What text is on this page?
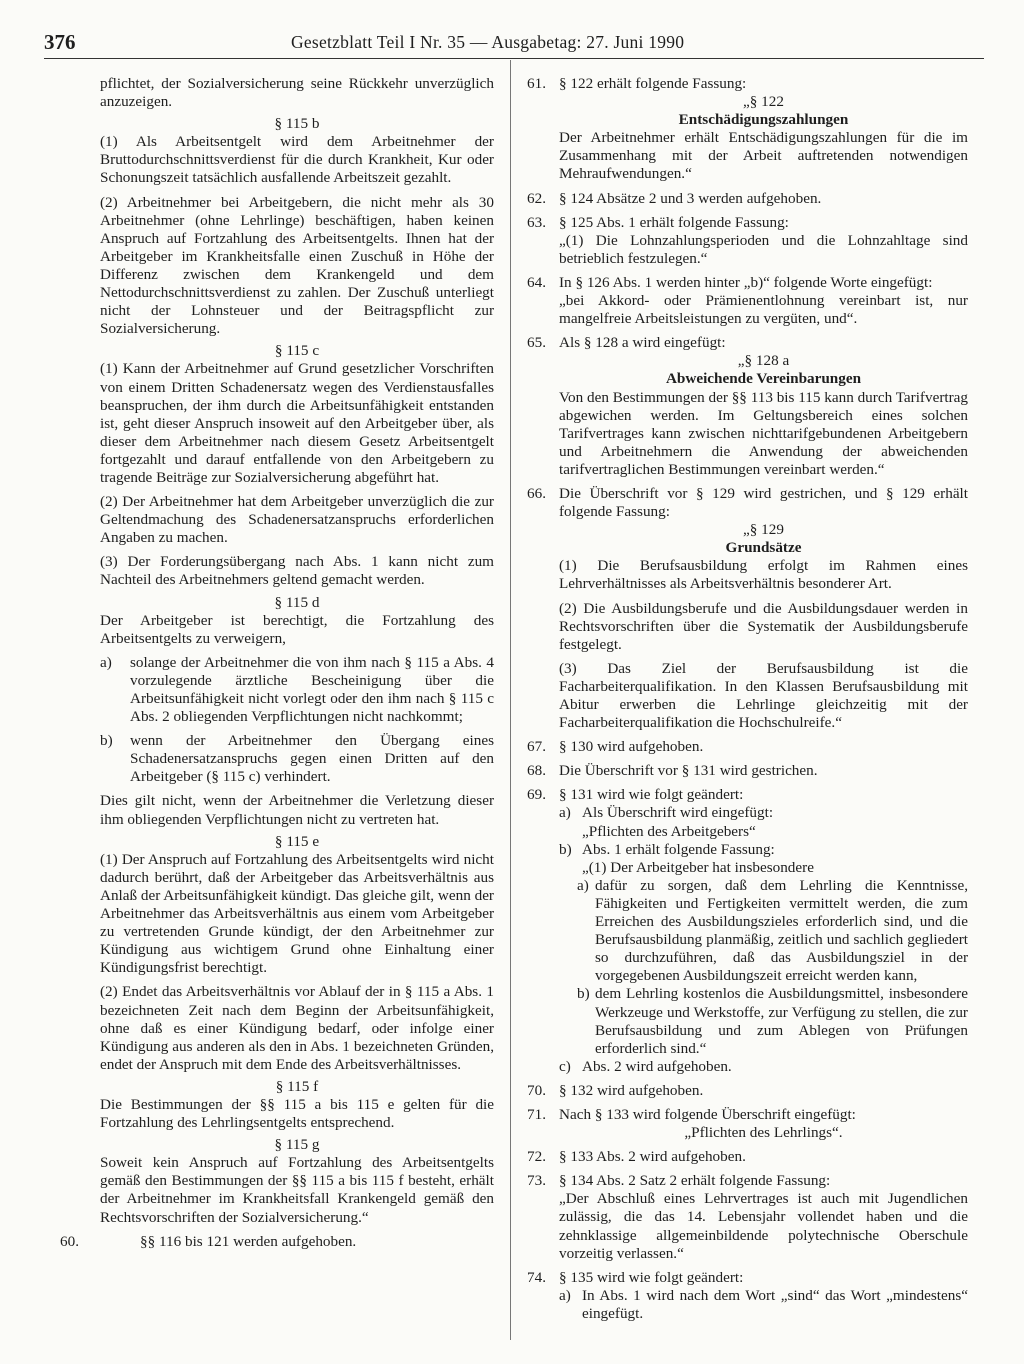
376	Gesetzblatt Teil I Nr. 35 — Ausgabetag: 27. Juni 1990

pflichtet, der Sozialversicherung seine Rückkehr unverzüglich anzuzeigen.

§ 115 b

(1) Als Arbeitsentgelt wird dem Arbeitnehmer der Bruttodurchschnittsverdienst für die durch Krankheit, Kur oder Schonungszeit tatsächlich ausfallende Arbeitszeit gezahlt.

(2) Arbeitnehmer bei Arbeitgebern, die nicht mehr als 30 Arbeitnehmer (ohne Lehrlinge) beschäftigen, haben keinen Anspruch auf Fortzahlung des Arbeitsentgelts. Ihnen hat der Arbeitgeber im Krankheitsfalle einen Zuschuß in Höhe der Differenz zwischen dem Krankengeld und dem Nettodurchschnittsverdienst zu zahlen. Der Zuschuß unterliegt nicht der Lohnsteuer und der Beitragspflicht zur Sozialversicherung.

§ 115 c

(1) Kann der Arbeitnehmer auf Grund gesetzlicher Vorschriften von einem Dritten Schadenersatz wegen des Verdienstausfalles beanspruchen, der ihm durch die Arbeitsunfähigkeit entstanden ist, geht dieser Anspruch insoweit auf den Arbeitgeber über, als dieser dem Arbeitnehmer nach diesem Gesetz Arbeitsentgelt fortgezahlt und darauf entfallende von den Arbeitgebern zu tragende Beiträge zur Sozialversicherung abgeführt hat.

(2) Der Arbeitnehmer hat dem Arbeitgeber unverzüglich die zur Geltendmachung des Schadenersatzanspruchs erforderlichen Angaben zu machen.

(3) Der Forderungsübergang nach Abs. 1 kann nicht zum Nachteil des Arbeitnehmers geltend gemacht werden.

§ 115 d

Der Arbeitgeber ist berechtigt, die Fortzahlung des Arbeitsentgelts zu verweigern,

a) solange der Arbeitnehmer die von ihm nach § 115 a Abs. 4 vorzulegende ärztliche Bescheinigung über die Arbeitsunfähigkeit nicht vorlegt oder den ihm nach § 115 c Abs. 2 obliegenden Verpflichtungen nicht nachkommt;

b) wenn der Arbeitnehmer den Übergang eines Schadenersatzanspruchs gegen einen Dritten auf den Arbeitgeber (§ 115 c) verhindert.

Dies gilt nicht, wenn der Arbeitnehmer die Verletzung dieser ihm obliegenden Verpflichtungen nicht zu vertreten hat.

§ 115 e

(1) Der Anspruch auf Fortzahlung des Arbeitsentgelts wird nicht dadurch berührt, daß der Arbeitgeber das Arbeitsverhältnis aus Anlaß der Arbeitsunfähigkeit kündigt. Das gleiche gilt, wenn der Arbeitnehmer das Arbeitsverhältnis aus einem vom Arbeitgeber zu vertretenden Grunde kündigt, der den Arbeitnehmer zur Kündigung aus wichtigem Grund ohne Einhaltung einer Kündigungsfrist berechtigt.

(2) Endet das Arbeitsverhältnis vor Ablauf der in § 115 a Abs. 1 bezeichneten Zeit nach dem Beginn der Arbeitsunfähigkeit, ohne daß es einer Kündigung bedarf, oder infolge einer Kündigung aus anderen als den in Abs. 1 bezeichneten Gründen, endet der Anspruch mit dem Ende des Arbeitsverhältnisses.

§ 115 f

Die Bestimmungen der §§ 115 a bis 115 e gelten für die Fortzahlung des Lehrlingsentgelts entsprechend.

§ 115 g

Soweit kein Anspruch auf Fortzahlung des Arbeitsentgelts gemäß den Bestimmungen der §§ 115 a bis 115 f besteht, erhält der Arbeitnehmer im Krankheitsfall Krankengeld gemäß den Rechtsvorschriften der Sozialversicherung.“

60.	§§ 116 bis 121 werden aufgehoben.

61. § 122 erhält folgende Fassung:

„§ 122

Entschädigungszahlungen

Der Arbeitnehmer erhält Entschädigungszahlungen für die im Zusammenhang mit der Arbeit auftretenden notwendigen Mehraufwendungen.“

62. § 124 Absätze 2 und 3 werden aufgehoben.

63. § 125 Abs. 1 erhält folgende Fassung:

„(1) Die Lohnzahlungsperioden und die Lohnzahltage sind betrieblich festzulegen.“

64. In § 126 Abs. 1 werden hinter „b)“ folgende Worte eingefügt:

„bei Akkord- oder Prämienentlohnung vereinbart ist, nur mangelfreie Arbeitsleistungen zu vergüten, und“.

65. Als § 128 a wird eingefügt:

„§ 128 a

Abweichende Vereinbarungen

Von den Bestimmungen der §§ 113 bis 115 kann durch Tarifvertrag abgewichen werden. Im Geltungsbereich eines solchen Tarifvertrages kann zwischen nichttarifgebundenen Arbeitgebern und Arbeitnehmern die Anwendung der abweichenden tarifvertraglichen Bestimmungen vereinbart werden.“

66. Die Überschrift vor § 129 wird gestrichen, und § 129 erhält folgende Fassung:

„§ 129

Grundsätze

(1) Die Berufsausbildung erfolgt im Rahmen eines Lehrverhältnisses als Arbeitsverhältnis besonderer Art.

(2) Die Ausbildungsberufe und die Ausbildungsdauer werden in Rechtsvorschriften über die Systematik der Ausbildungsberufe festgelegt.

(3) Das Ziel der Berufsausbildung ist die Facharbeiterqualifikation. In den Klassen Berufsausbildung mit Abitur erwerben die Lehrlinge gleichzeitig mit der Facharbeiterqualifikation die Hochschulreife.“

67. § 130 wird aufgehoben.

68. Die Überschrift vor § 131 wird gestrichen.

69. § 131 wird wie folgt geändert:

a) Als Überschrift wird eingefügt:

„Pflichten des Arbeitgebers“

b) Abs. 1 erhält folgende Fassung:

„(1) Der Arbeitgeber hat insbesondere

a) dafür zu sorgen, daß dem Lehrling die Kenntnisse, Fähigkeiten und Fertigkeiten vermittelt werden, die zum Erreichen des Ausbildungszieles erforderlich sind, und die Berufsausbildung planmäßig, zeitlich und sachlich gegliedert so durchzuführen, daß das Ausbildungsziel in der vorgegebenen Ausbildungszeit erreicht werden kann,

b) dem Lehrling kostenlos die Ausbildungsmittel, insbesondere Werkzeuge und Werkstoffe, zur Verfügung zu stellen, die zur Berufsausbildung und zum Ablegen von Prüfungen erforderlich sind.“

c) Abs. 2 wird aufgehoben.

70. § 132 wird aufgehoben.

71. Nach § 133 wird folgende Überschrift eingefügt:

„Pflichten des Lehrlings“.

72. § 133 Abs. 2 wird aufgehoben.

73. § 134 Abs. 2 Satz 2 erhält folgende Fassung:

„Der Abschluß eines Lehrvertrages ist auch mit Jugendlichen zulässig, die das 14. Lebensjahr vollendet haben und die zehnklassige allgemeinbildende polytechnische Oberschule vorzeitig verlassen.“

74. § 135 wird wie folgt geändert:

a) In Abs. 1 wird nach dem Wort „sind“ das Wort „mindestens“ eingefügt.
